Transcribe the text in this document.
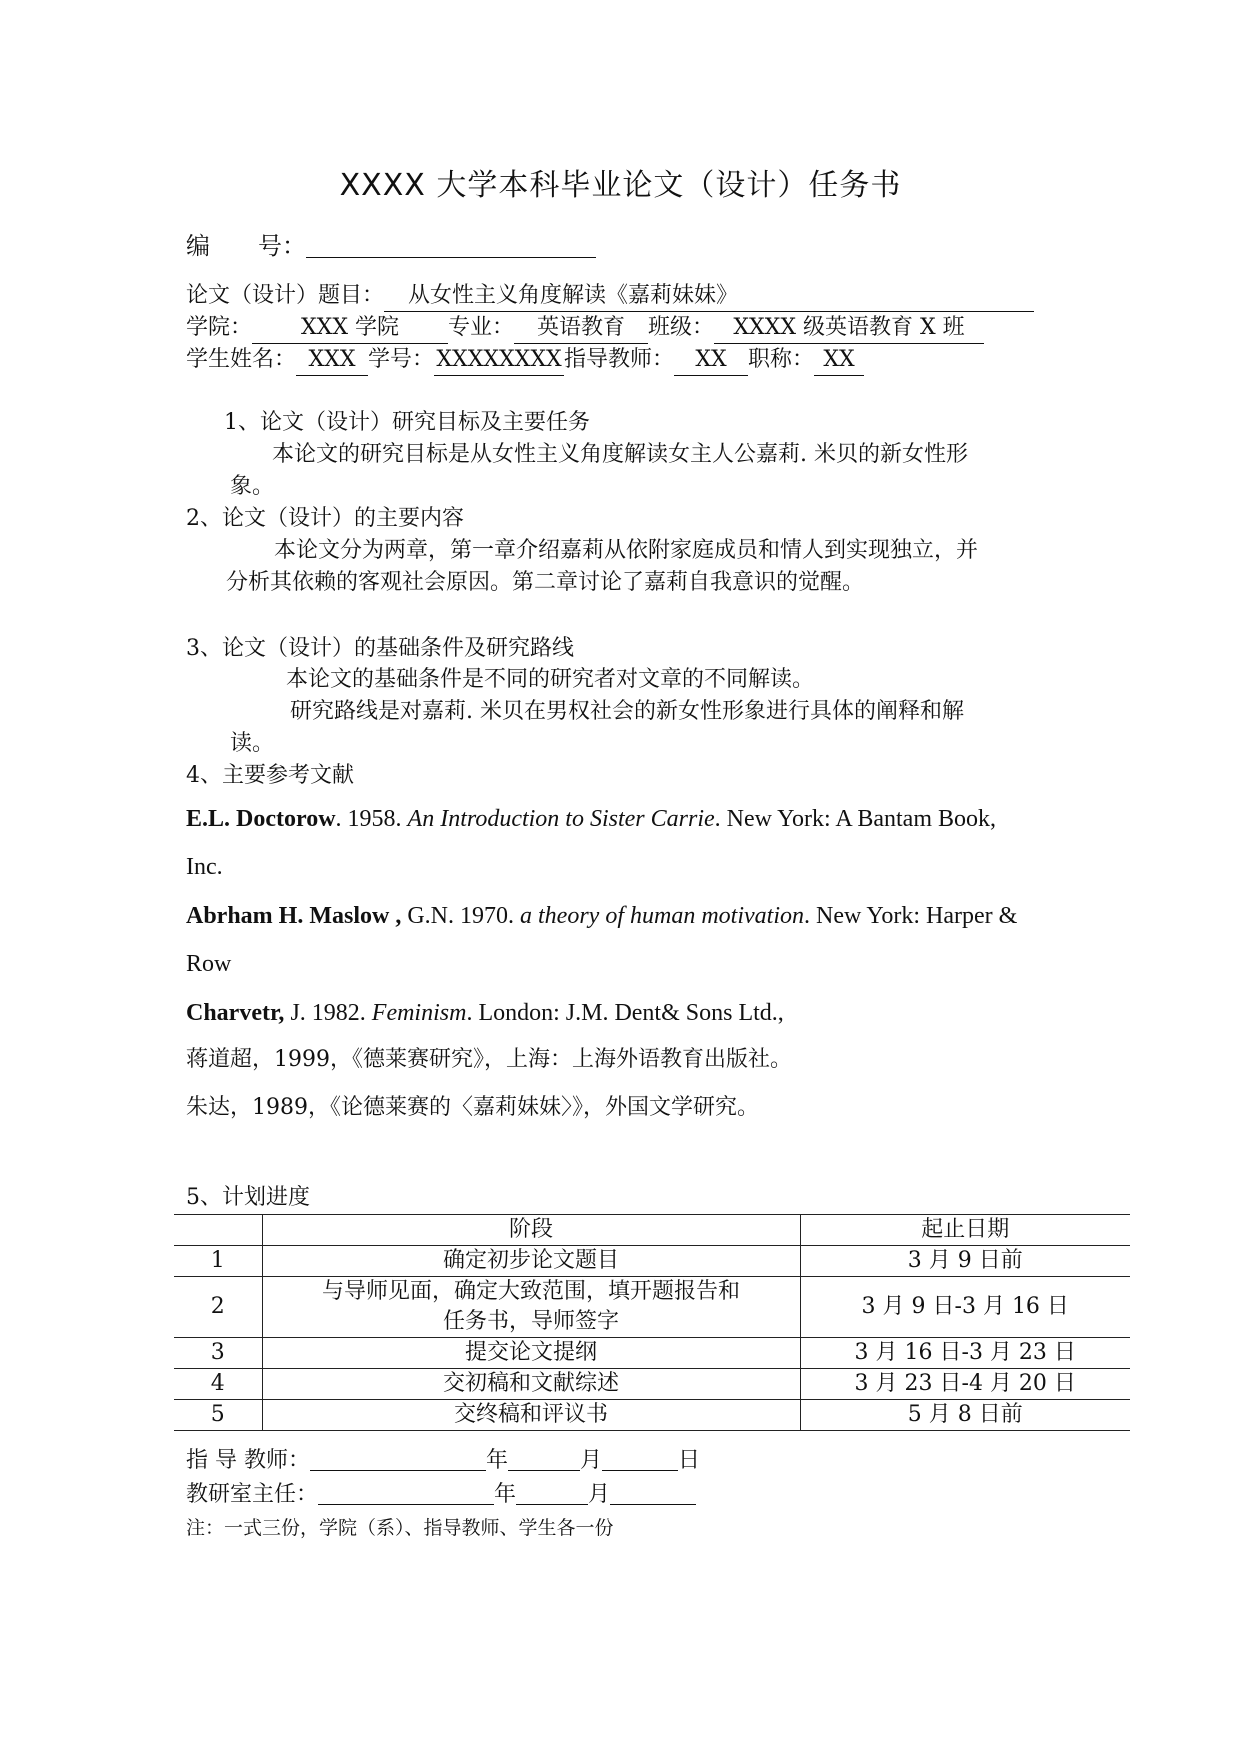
XXXX 大学本科毕业论文（设计）任务书
编　　号：
论文（设计）题目： 从女性主义角度解读《嘉莉妹妹》
学院： XXX 学院 专业： 英语教育 班级： XXXX 级英语教育 X 班
学生姓名： XXX 学号： XXXXXXXX 指导教师： XX 职称： XX
1、论文（设计）研究目标及主要任务
本论文的研究目标是从女性主义角度解读女主人公嘉莉. 米贝的新女性形
象。
2、论文（设计）的主要内容
本论文分为两章，第一章介绍嘉莉从依附家庭成员和情人到实现独立，并
分析其依赖的客观社会原因。第二章讨论了嘉莉自我意识的觉醒。
3、论文（设计）的基础条件及研究路线
本论文的基础条件是不同的研究者对文章的不同解读。
研究路线是对嘉莉. 米贝在男权社会的新女性形象进行具体的阐释和解
读。
4、主要参考文献
E.L. Doctorow. 1958. An Introduction to Sister Carrie. New York: A Bantam Book,
Inc.
Abrham H. Maslow , G.N. 1970. a theory of human motivation. New York: Harper &
Row
Charvetr, J. 1982. Feminism. London: J.M. Dent& Sons Ltd.,
蒋道超，1999，《德莱赛研究》，上海：上海外语教育出版社。
朱达，1989，《论德莱赛的〈嘉莉妹妹〉》，外国文学研究。
5、计划进度
	阶段	起止日期
1	确定初步论文题目	3 月 9 日前
2	与导师见面，确定大致范围，填开题报告和
任务书，导师签字	3 月 9 日-3 月 16 日
3	提交论文提纲	3 月 16 日-3 月 23 日
4	交初稿和文献综述	3 月 23 日-4 月 20 日
5	交终稿和评议书	5 月 8 日前
指 导 教师：	年	月	日
教研室主任：	年	月
注：一式三份，学院（系）、指导教师、学生各一份
